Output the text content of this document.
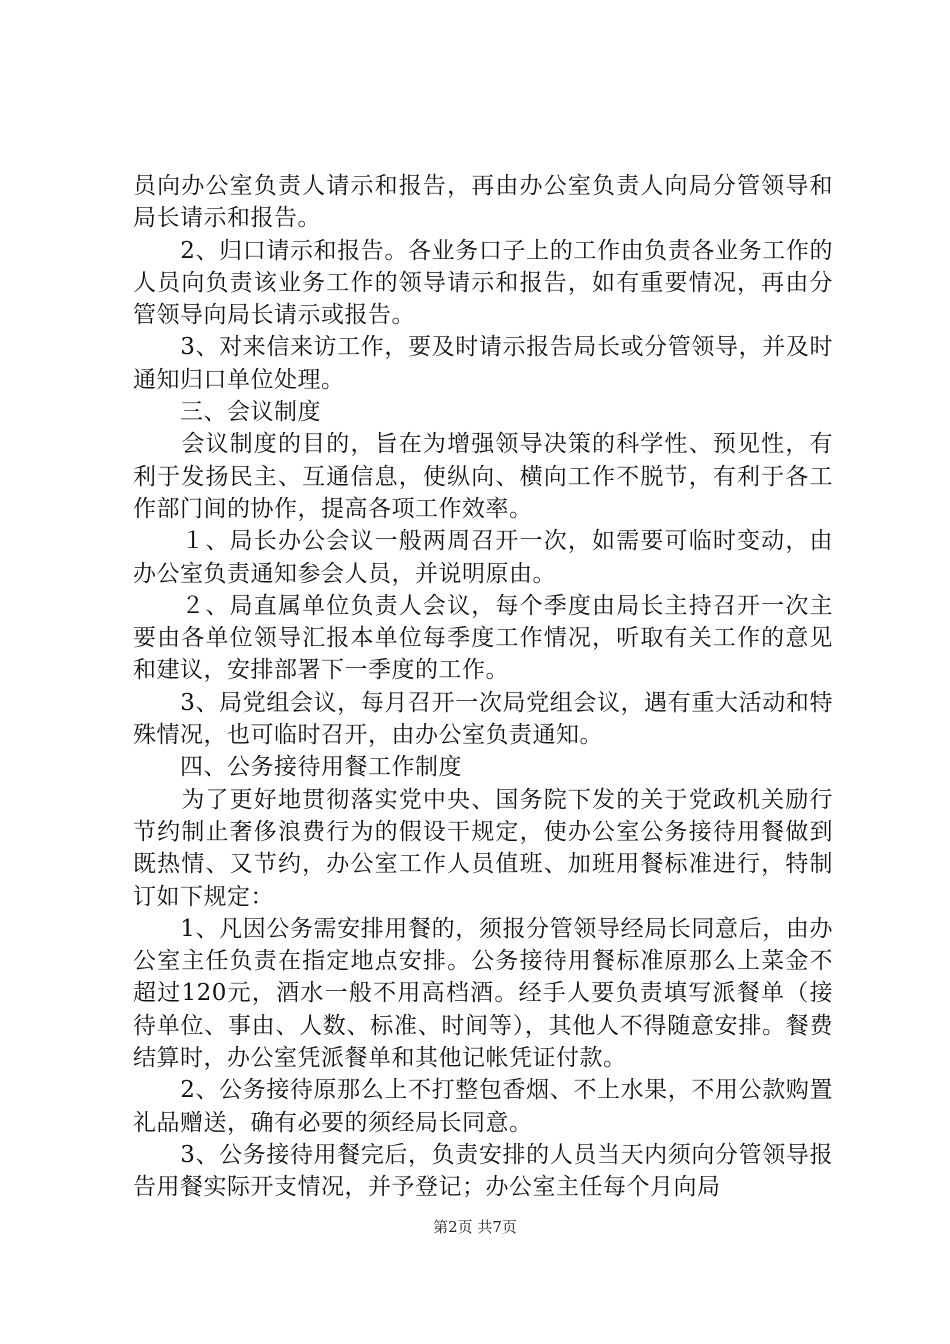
员向办公室负责人请示和报告，再由办公室负责人向局分管领导和局长请示和报告。

　　2、归口请示和报告。各业务口子上的工作由负责各业务工作的人员向负责该业务工作的领导请示和报告，如有重要情况，再由分管领导向局长请示或报告。

　　3、对来信来访工作，要及时请示报告局长或分管领导，并及时通知归口单位处理。

　　三、会议制度

　　会议制度的目的，旨在为增强领导决策的科学性、预见性，有利于发扬民主、互通信息，使纵向、横向工作不脱节，有利于各工作部门间的协作，提高各项工作效率。

　　１、局长办公会议一般两周召开一次，如需要可临时变动，由办公室负责通知参会人员，并说明原由。

　　２、局直属单位负责人会议，每个季度由局长主持召开一次主要由各单位领导汇报本单位每季度工作情况，听取有关工作的意见和建议，安排部署下一季度的工作。

　　3、局党组会议，每月召开一次局党组会议，遇有重大活动和特殊情况，也可临时召开，由办公室负责通知。

　　四、公务接待用餐工作制度

　　为了更好地贯彻落实党中央、国务院下发的关于党政机关励行节约制止奢侈浪费行为的假设干规定，使办公室公务接待用餐做到既热情、又节约，办公室工作人员值班、加班用餐标准进行，特制订如下规定：

　　1、凡因公务需安排用餐的，须报分管领导经局长同意后，由办公室主任负责在指定地点安排。公务接待用餐标准原那么上菜金不超过120元，酒水一般不用高档酒。经手人要负责填写派餐单（接待单位、事由、人数、标准、时间等），其他人不得随意安排。餐费结算时，办公室凭派餐单和其他记帐凭证付款。

　　2、公务接待原那么上不打整包香烟、不上水果，不用公款购置礼品赠送，确有必要的须经局长同意。

　　3、公务接待用餐完后，负责安排的人员当天内须向分管领导报告用餐实际开支情况，并予登记；办公室主任每个月向局

第2页 共7页
